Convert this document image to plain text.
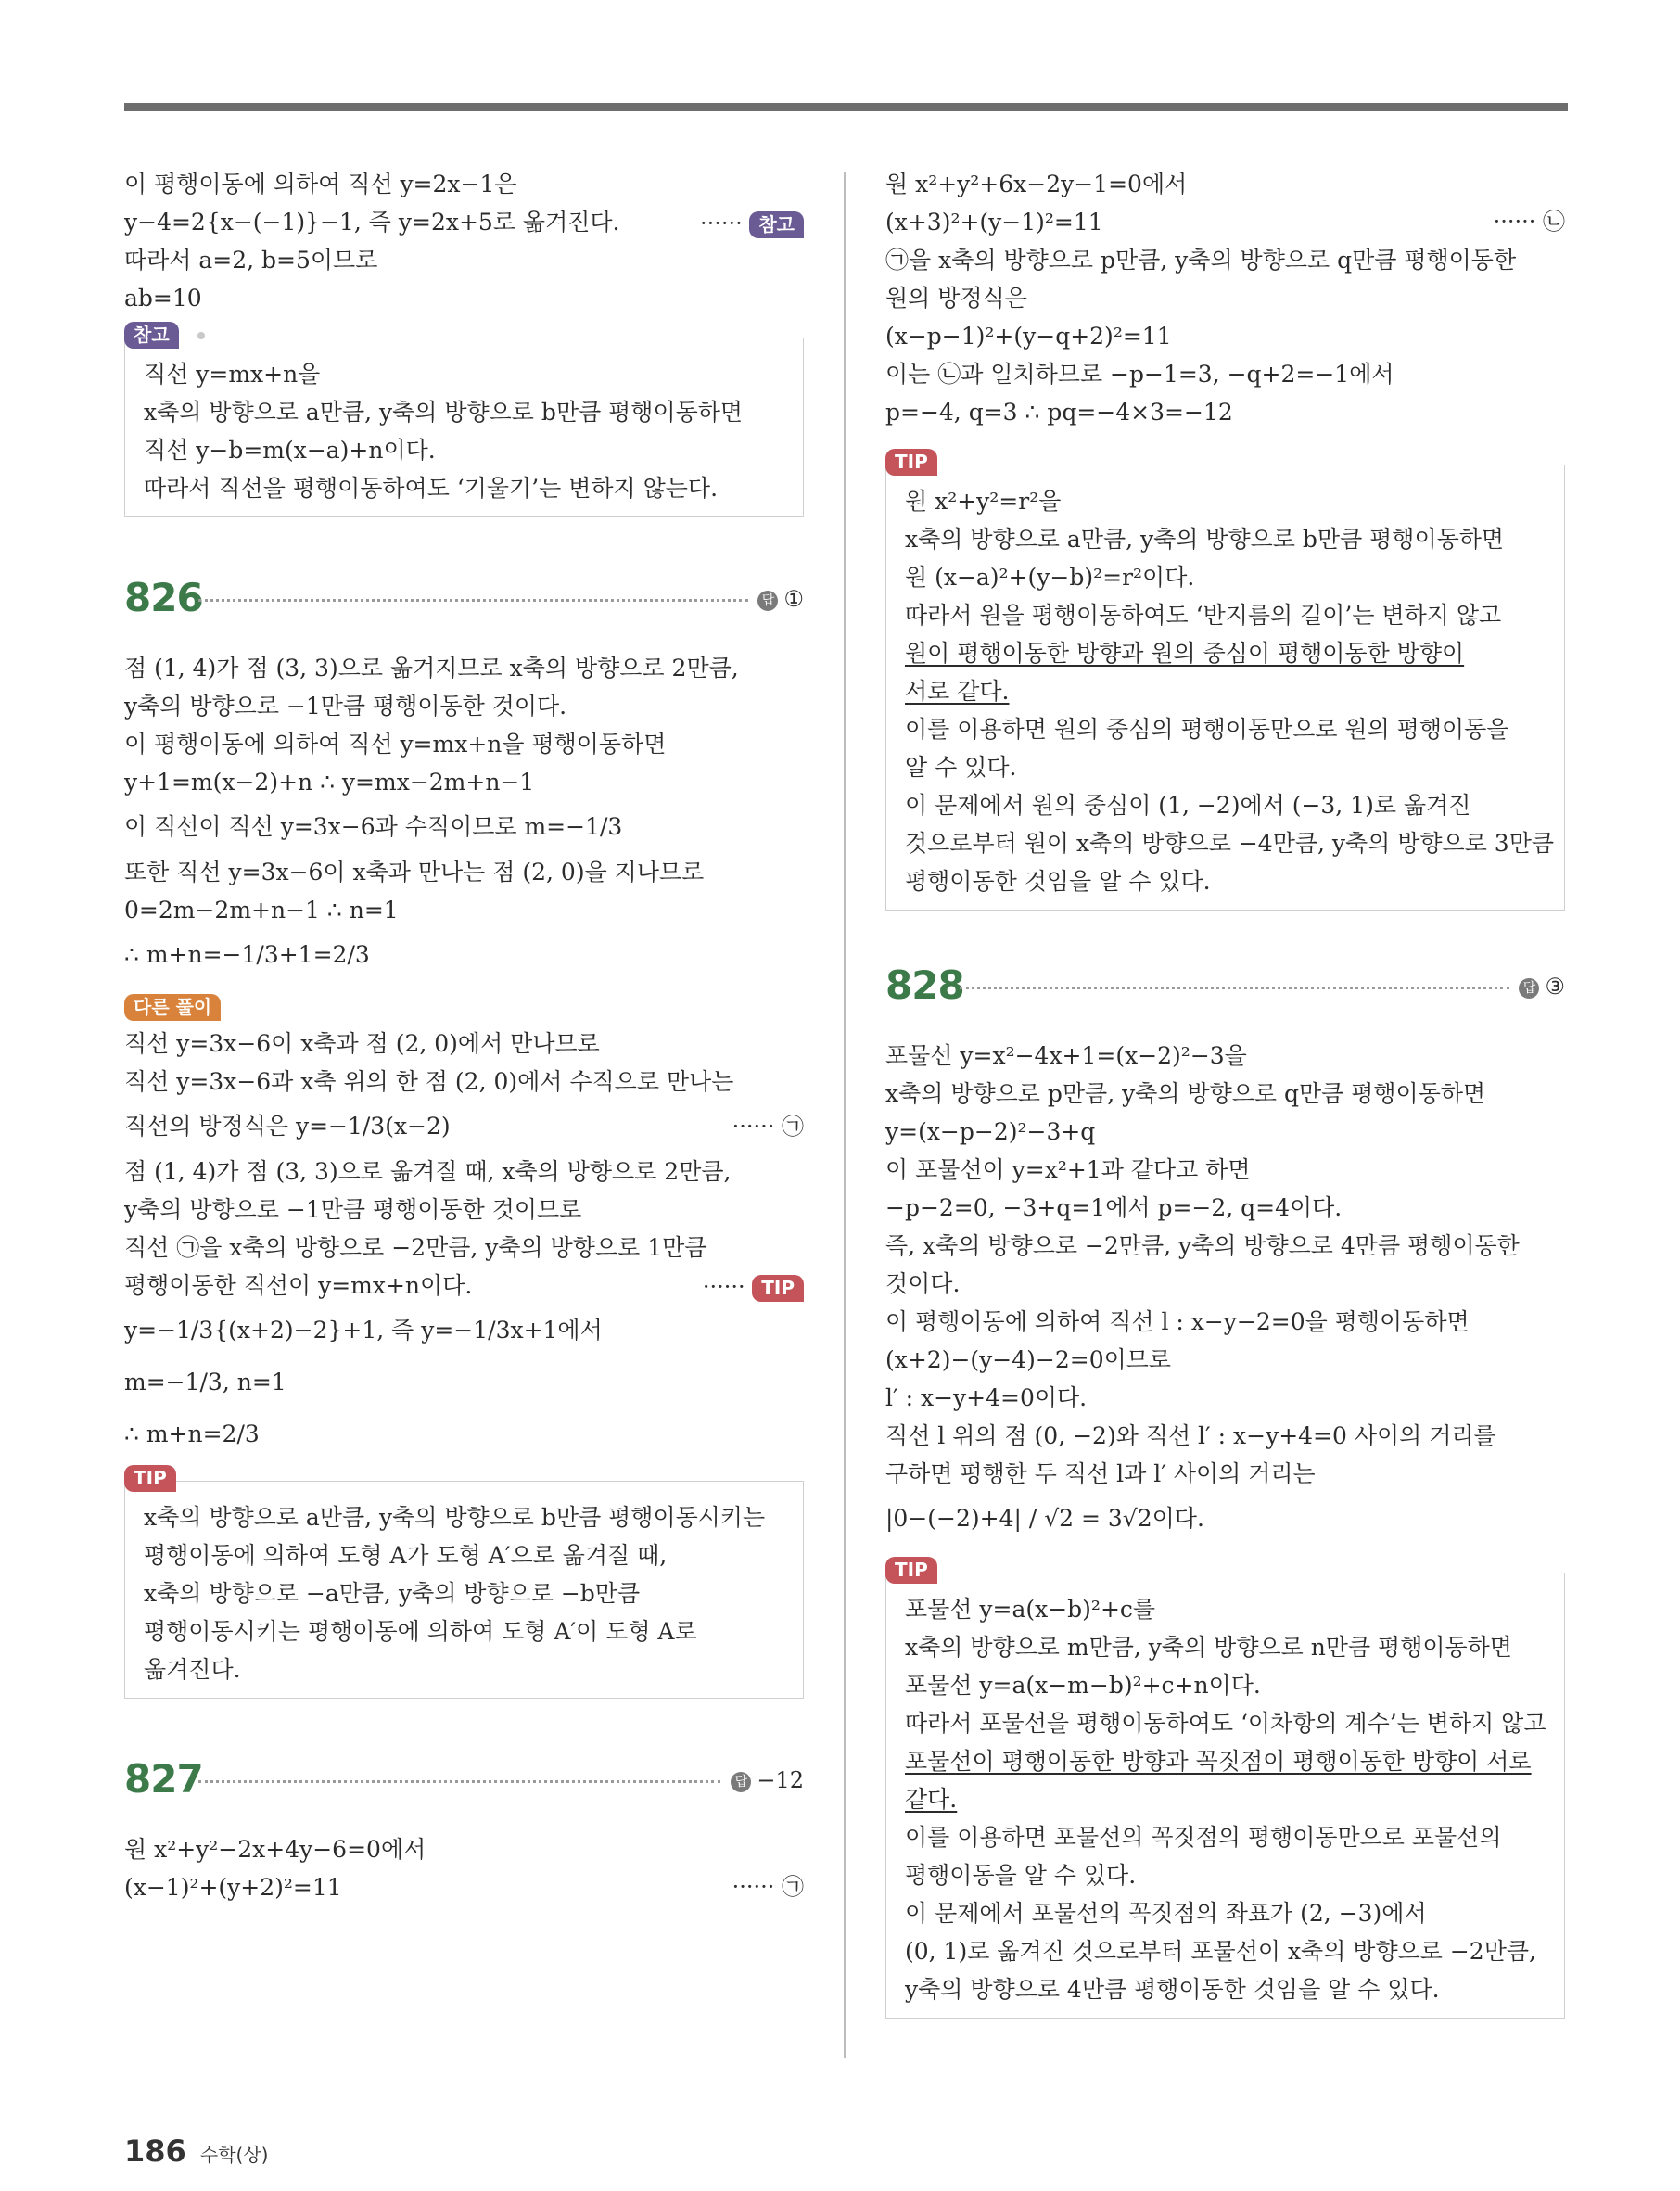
이 평행이동에 의하여 직선 y=2x−1은
y−4=2{x−(−1)}−1, 즉 y=2x+5로 옮겨진다.	······ 참고
따라서 a=2, b=5이므로
ab=10
참고
직선 y=mx+n을
x축의 방향으로 a만큼, y축의 방향으로 b만큼 평행이동하면
직선 y−b=m(x−a)+n이다.
따라서 직선을 평행이동하여도 ‘기울기’는 변하지 않는다.
826	답 ①
점 (1, 4)가 점 (3, 3)으로 옮겨지므로 x축의 방향으로 2만큼,
y축의 방향으로 −1만큼 평행이동한 것이다.
이 평행이동에 의하여 직선 y=mx+n을 평행이동하면
y+1=m(x−2)+n ∴ y=mx−2m+n−1
이 직선이 직선 y=3x−6과 수직이므로 m=−1/3
또한 직선 y=3x−6이 x축과 만나는 점 (2, 0)을 지나므로
0=2m−2m+n−1 ∴ n=1
∴ m+n=−1/3+1=2/3
다른 풀이
직선 y=3x−6이 x축과 점 (2, 0)에서 만나므로
직선 y=3x−6과 x축 위의 한 점 (2, 0)에서 수직으로 만나는
직선의 방정식은 y=−1/3(x−2)	······ ㉠
점 (1, 4)가 점 (3, 3)으로 옮겨질 때, x축의 방향으로 2만큼,
y축의 방향으로 −1만큼 평행이동한 것이므로
직선 ㉠을 x축의 방향으로 −2만큼, y축의 방향으로 1만큼
평행이동한 직선이 y=mx+n이다.	······ TIP
y=−1/3{(x+2)−2}+1, 즉 y=−1/3x+1에서
m=−1/3, n=1
∴ m+n=2/3
TIP
x축의 방향으로 a만큼, y축의 방향으로 b만큼 평행이동시키는
평행이동에 의하여 도형 A가 도형 A′으로 옮겨질 때,
x축의 방향으로 −a만큼, y축의 방향으로 −b만큼
평행이동시키는 평행이동에 의하여 도형 A′이 도형 A로
옮겨진다.
827	답 −12
원 x²+y²−2x+4y−6=0에서
(x−1)²+(y+2)²=11	······ ㉠
원 x²+y²+6x−2y−1=0에서
(x+3)²+(y−1)²=11	······ ㉡
㉠을 x축의 방향으로 p만큼, y축의 방향으로 q만큼 평행이동한
원의 방정식은
(x−p−1)²+(y−q+2)²=11
이는 ㉡과 일치하므로 −p−1=3, −q+2=−1에서
p=−4, q=3 ∴ pq=−4×3=−12
TIP
원 x²+y²=r²을
x축의 방향으로 a만큼, y축의 방향으로 b만큼 평행이동하면
원 (x−a)²+(y−b)²=r²이다.
따라서 원을 평행이동하여도 ‘반지름의 길이’는 변하지 않고
원이 평행이동한 방향과 원의 중심이 평행이동한 방향이
서로 같다.
이를 이용하면 원의 중심의 평행이동만으로 원의 평행이동을
알 수 있다.
이 문제에서 원의 중심이 (1, −2)에서 (−3, 1)로 옮겨진
것으로부터 원이 x축의 방향으로 −4만큼, y축의 방향으로 3만큼
평행이동한 것임을 알 수 있다.
828	답 ③
포물선 y=x²−4x+1=(x−2)²−3을
x축의 방향으로 p만큼, y축의 방향으로 q만큼 평행이동하면
y=(x−p−2)²−3+q
이 포물선이 y=x²+1과 같다고 하면
−p−2=0, −3+q=1에서 p=−2, q=4이다.
즉, x축의 방향으로 −2만큼, y축의 방향으로 4만큼 평행이동한
것이다.
이 평행이동에 의하여 직선 l : x−y−2=0을 평행이동하면
(x+2)−(y−4)−2=0이므로
l′ : x−y+4=0이다.
직선 l 위의 점 (0, −2)와 직선 l′ : x−y+4=0 사이의 거리를
구하면 평행한 두 직선 l과 l′ 사이의 거리는
|0−(−2)+4| / √2 = 3√2이다.
TIP
포물선 y=a(x−b)²+c를
x축의 방향으로 m만큼, y축의 방향으로 n만큼 평행이동하면
포물선 y=a(x−m−b)²+c+n이다.
따라서 포물선을 평행이동하여도 ‘이차항의 계수’는 변하지 않고
포물선이 평행이동한 방향과 꼭짓점이 평행이동한 방향이 서로
같다.
이를 이용하면 포물선의 꼭짓점의 평행이동만으로 포물선의
평행이동을 알 수 있다.
이 문제에서 포물선의 꼭짓점의 좌표가 (2, −3)에서
(0, 1)로 옮겨진 것으로부터 포물선이 x축의 방향으로 −2만큼,
y축의 방향으로 4만큼 평행이동한 것임을 알 수 있다.
186 수학(상)
